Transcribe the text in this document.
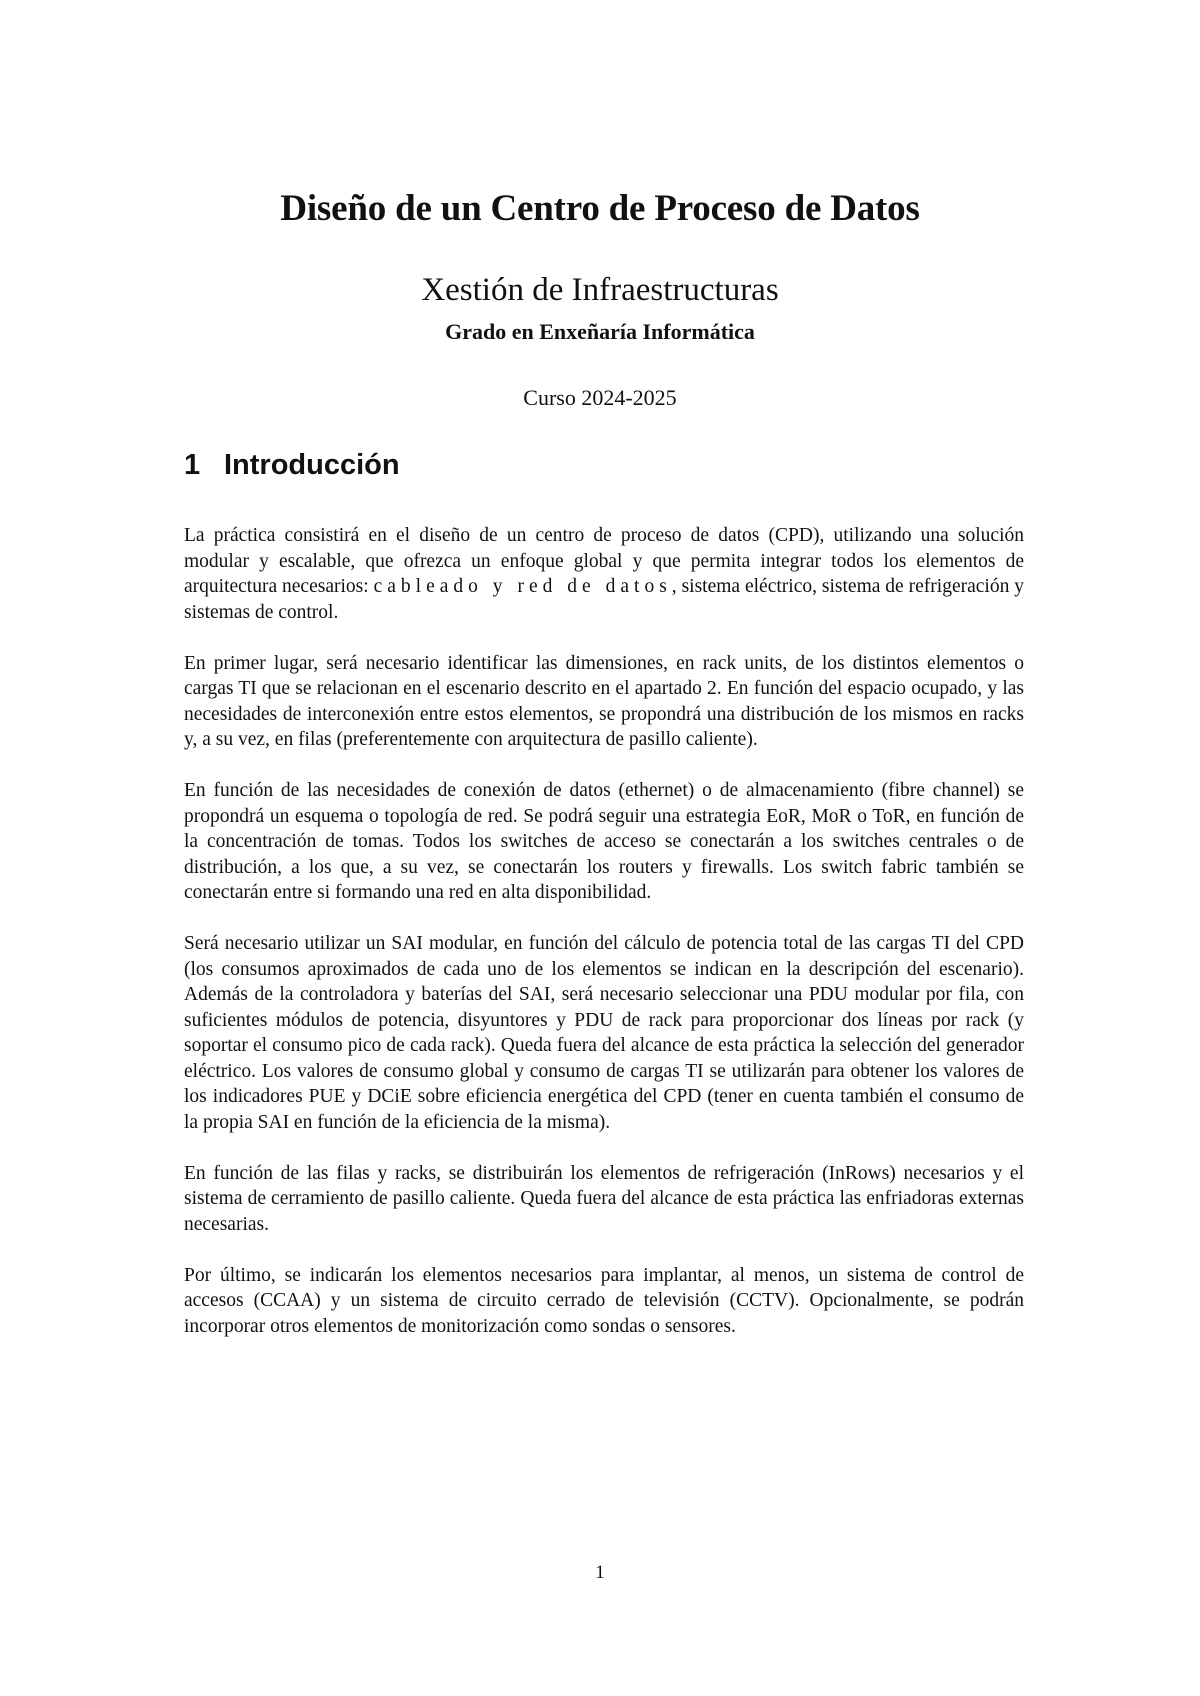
Diseño de un Centro de Proceso de Datos
Xestión de Infraestructuras
Grado en Enxeñaría Informática
Curso 2024-2025
1 Introducción

La práctica consistirá en el diseño de un centro de proceso de datos (CPD), utilizando una solución modular y escalable, que ofrezca un enfoque global y que permita integrar todos los elementos de arquitectura necesarios: cableado y red de datos, sistema eléctrico, sistema de refrigeración y sistemas de control.

En primer lugar, será necesario identificar las dimensiones, en rack units, de los distintos elementos o cargas TI que se relacionan en el escenario descrito en el apartado 2. En función del espacio ocupado, y las necesidades de interconexión entre estos elementos, se propondrá una distribución de los mismos en racks y, a su vez, en filas (preferentemente con arquitectura de pasillo caliente).

En función de las necesidades de conexión de datos (ethernet) o de almacenamiento (fibre channel) se propondrá un esquema o topología de red. Se podrá seguir una estrategia EoR, MoR o ToR, en función de la concentración de tomas. Todos los switches de acceso se conectarán a los switches centrales o de distribución, a los que, a su vez, se conectarán los routers y firewalls. Los switch fabric también se conectarán entre si formando una red en alta disponibilidad.

Será necesario utilizar un SAI modular, en función del cálculo de potencia total de las cargas TI del CPD (los consumos aproximados de cada uno de los elementos se indican en la descripción del escenario). Además de la controladora y baterías del SAI, será necesario seleccionar una PDU modular por fila, con suficientes módulos de potencia, disyuntores y PDU de rack para proporcionar dos líneas por rack (y soportar el consumo pico de cada rack). Queda fuera del alcance de esta práctica la selección del generador eléctrico. Los valores de consumo global y consumo de cargas TI se utilizarán para obtener los valores de los indicadores PUE y DCiE sobre eficiencia energética del CPD (tener en cuenta también el consumo de la propia SAI en función de la eficiencia de la misma).

En función de las filas y racks, se distribuirán los elementos de refrigeración (InRows) necesarios y el sistema de cerramiento de pasillo caliente. Queda fuera del alcance de esta práctica las enfriadoras externas necesarias.

Por último, se indicarán los elementos necesarios para implantar, al menos, un sistema de control de accesos (CCAA) y un sistema de circuito cerrado de televisión (CCTV). Opcionalmente, se podrán incorporar otros elementos de monitorización como sondas o sensores.

1
